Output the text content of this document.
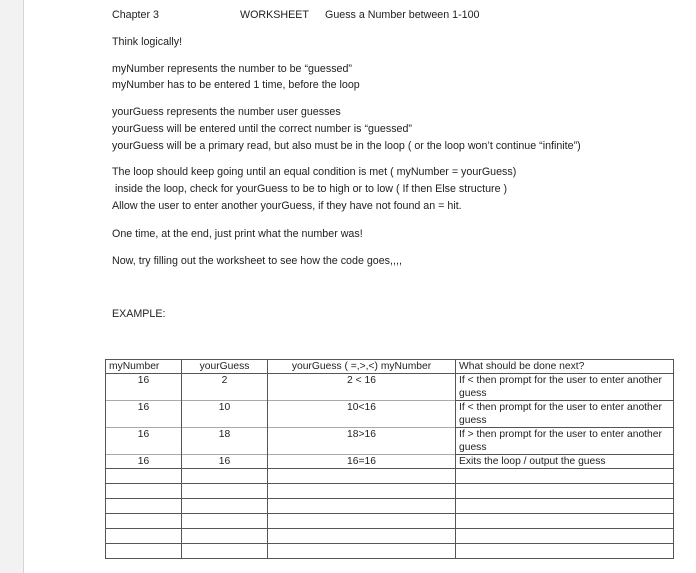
Chapter 3	WORKSHEET Guess a Number between 1-100
Think logically!
myNumber represents the number to be “guessed”
myNumber has to be entered 1 time, before the loop
yourGuess represents the number user guesses
yourGuess will be entered until the correct number is “guessed”
yourGuess will be a primary read, but also must be in the loop ( or the loop won’t continue “infinite”)
The loop should keep going until an equal condition is met ( myNumber = yourGuess)
inside the loop, check for yourGuess to be to high or to low ( If then Else structure )
Allow the user to enter another yourGuess, if they have not found an = hit.
One time, at the end, just print what the number was!
Now, try filling out the worksheet to see how the code goes,,,,
EXAMPLE:
myNumber	yourGuess	yourGuess ( =,>,<) myNumber	What should be done next?
16	2	2 < 16	If < then prompt for the user to enter another guess
16	10	10<16	If < then prompt for the user to enter another guess
16	18	18>16	If > then prompt for the user to enter another guess
16	16	16=16	Exits the loop / output the guess
